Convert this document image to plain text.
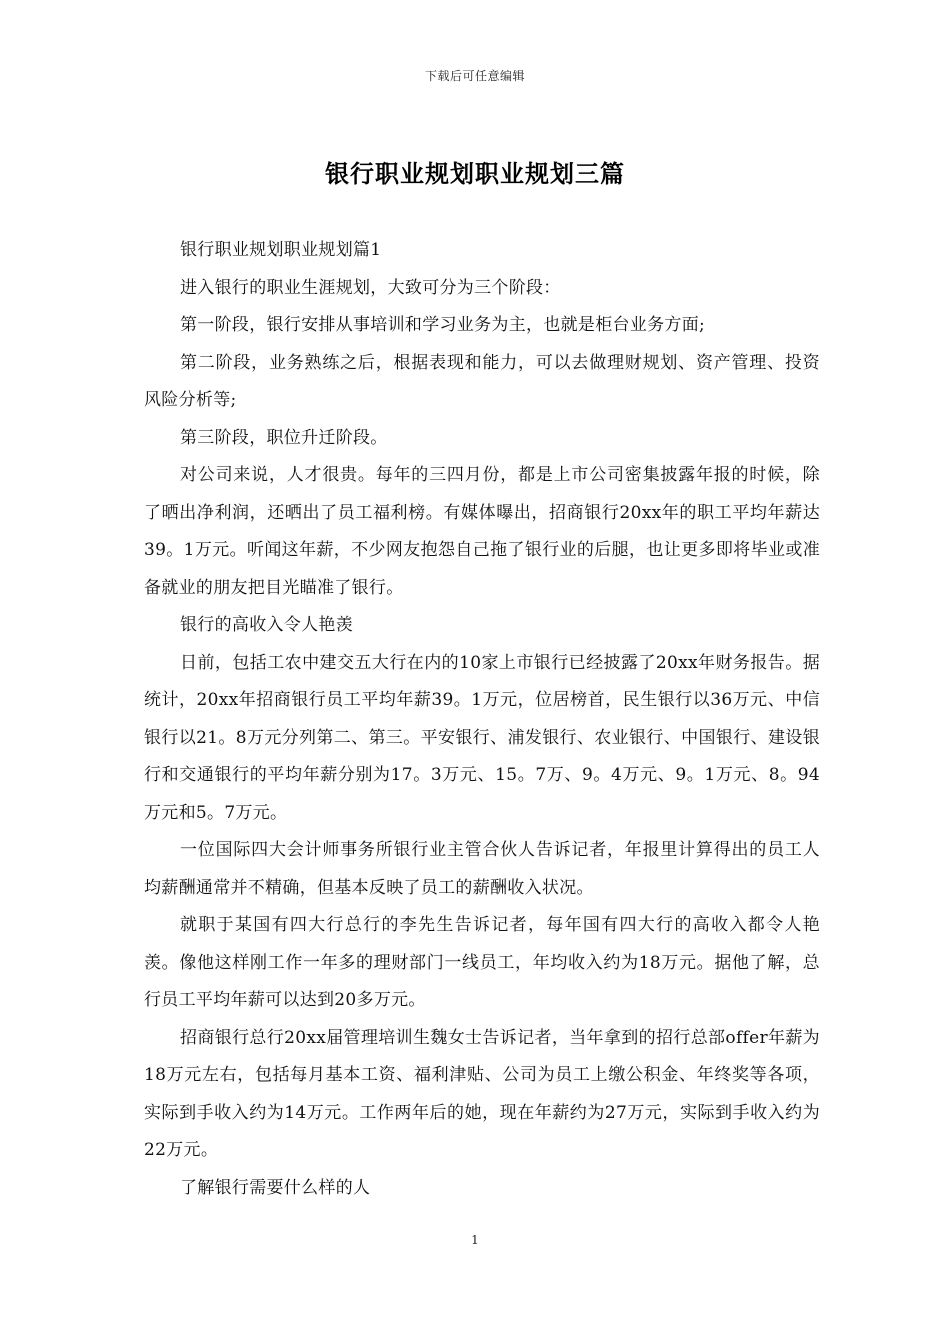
下载后可任意编辑
银行职业规划职业规划三篇

银行职业规划职业规划篇1

进入银行的职业生涯规划，大致可分为三个阶段：

第一阶段，银行安排从事培训和学习业务为主，也就是柜台业务方面;

第二阶段，业务熟练之后，根据表现和能力，可以去做理财规划、资产管理、投资风险分析等;

第三阶段，职位升迁阶段。

对公司来说，人才很贵。每年的三四月份，都是上市公司密集披露年报的时候，除了晒出净利润，还晒出了员工福利榜。有媒体曝出，招商银行20xx年的职工平均年薪达39。1万元。听闻这年薪，不少网友抱怨自己拖了银行业的后腿，也让更多即将毕业或准备就业的朋友把目光瞄准了银行。

银行的高收入令人艳羡

日前，包括工农中建交五大行在内的10家上市银行已经披露了20xx年财务报告。据统计，20xx年招商银行员工平均年薪39。1万元，位居榜首，民生银行以36万元、中信银行以21。8万元分列第二、第三。平安银行、浦发银行、农业银行、中国银行、建设银行和交通银行的平均年薪分别为17。3万元、15。7万、9。4万元、9。1万元、8。94万元和5。7万元。

一位国际四大会计师事务所银行业主管合伙人告诉记者，年报里计算得出的员工人均薪酬通常并不精确，但基本反映了员工的薪酬收入状况。

就职于某国有四大行总行的李先生告诉记者，每年国有四大行的高收入都令人艳羡。像他这样刚工作一年多的理财部门一线员工，年均收入约为18万元。据他了解，总行员工平均年薪可以达到20多万元。

招商银行总行20xx届管理培训生魏女士告诉记者，当年拿到的招行总部offer年薪为18万元左右，包括每月基本工资、福利津贴、公司为员工上缴公积金、年终奖等各项，实际到手收入约为14万元。工作两年后的她，现在年薪约为27万元，实际到手收入约为22万元。

了解银行需要什么样的人

1
